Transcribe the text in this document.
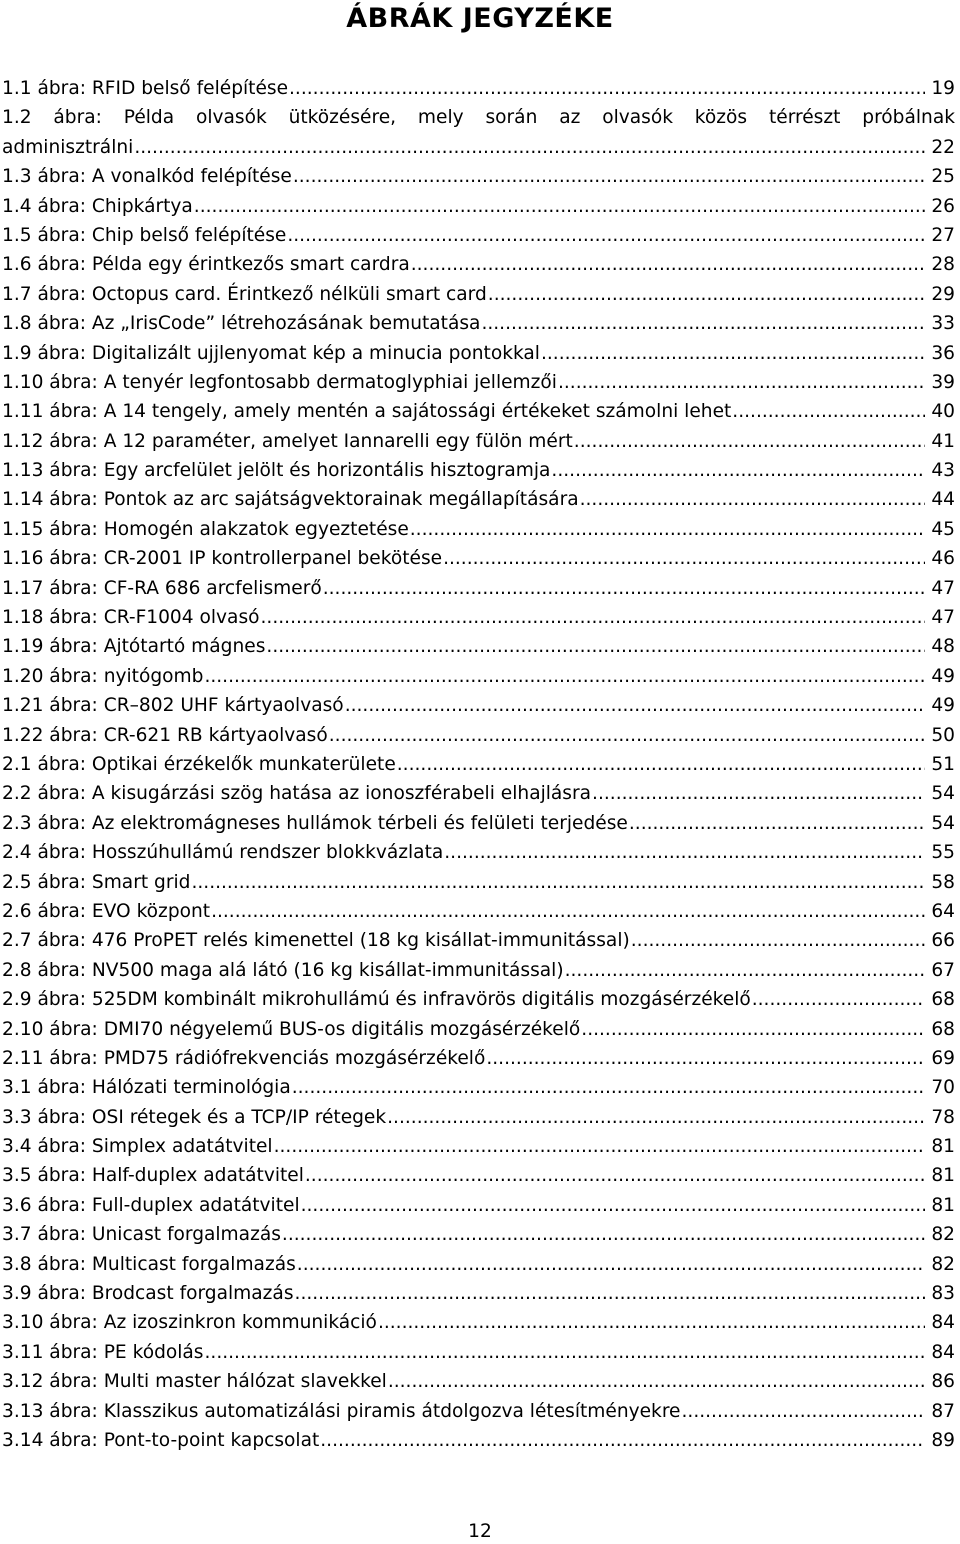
ÁBRÁK JEGYZÉKE
1.1 ábra: RFID belső felépítése .....	19
1.2 ábra: Példa olvasók ütközésére, mely során az olvasók közös térrészt próbálnak
adminisztrálni .....	22
1.3 ábra: A vonalkód felépítése .....	25
1.4 ábra: Chipkártya .....	26
1.5 ábra: Chip belső felépítése .....	27
1.6 ábra: Példa egy érintkezős smart cardra .....	28
1.7 ábra: Octopus card. Érintkező nélküli smart card .....	29
1.8 ábra: Az „IrisCode” létrehozásának bemutatása .....	33
1.9 ábra: Digitalizált ujjlenyomat kép a minucia pontokkal .....	36
1.10 ábra: A tenyér legfontosabb dermatoglyphiai jellemzői .....	39
1.11 ábra: A 14 tengely, amely mentén a sajátossági értékeket számolni lehet .....	40
1.12 ábra: A 12 paraméter, amelyet Iannarelli egy fülön mért .....	41
1.13 ábra: Egy arcfelület jelölt és horizontális hisztogramja .....	43
1.14 ábra: Pontok az arc sajátságvektorainak megállapítására .....	44
1.15 ábra: Homogén alakzatok egyeztetése .....	45
1.16 ábra: CR-2001 IP kontrollerpanel bekötése .....	46
1.17 ábra: CF-RA 686 arcfelismerő .....	47
1.18 ábra: CR-F1004 olvasó .....	47
1.19 ábra: Ajtótartó mágnes .....	48
1.20 ábra: nyitógomb .....	49
1.21 ábra: CR–802 UHF kártyaolvasó .....	49
1.22 ábra: CR-621 RB kártyaolvasó .....	50
2.1 ábra: Optikai érzékelők munkaterülete .....	51
2.2 ábra: A kisugárzási szög hatása az ionoszférabeli elhajlásra .....	54
2.3 ábra: Az elektromágneses hullámok térbeli és felületi terjedése .....	54
2.4 ábra: Hosszúhullámú rendszer blokkvázlata .....	55
2.5 ábra: Smart grid .....	58
2.6 ábra: EVO központ .....	64
2.7 ábra: 476 ProPET relés kimenettel (18 kg kisállat-immunitással) .....	66
2.8 ábra: NV500 maga alá látó (16 kg kisállat-immunitással) .....	67
2.9 ábra: 525DM kombinált mikrohullámú és infravörös digitális mozgásérzékelő .....	68
2.10 ábra: DMI70 négyelemű BUS-os digitális mozgásérzékelő .....	68
2.11 ábra: PMD75 rádiófrekvenciás mozgásérzékelő .....	69
3.1 ábra: Hálózati terminológia .....	70
3.3 ábra: OSI rétegek és a TCP/IP rétegek .....	78
3.4 ábra: Simplex adatátvitel .....	81
3.5 ábra: Half-duplex adatátvitel .....	81
3.6 ábra: Full-duplex adatátvitel .....	81
3.7 ábra: Unicast forgalmazás .....	82
3.8 ábra: Multicast forgalmazás .....	82
3.9 ábra: Brodcast forgalmazás .....	83
3.10 ábra: Az izoszinkron kommunikáció .....	84
3.11 ábra: PE kódolás .....	84
3.12 ábra: Multi master hálózat slavekkel .....	86
3.13 ábra: Klasszikus automatizálási piramis átdolgozva létesítményekre .....	87
3.14 ábra: Pont-to-point kapcsolat .....	89
12
